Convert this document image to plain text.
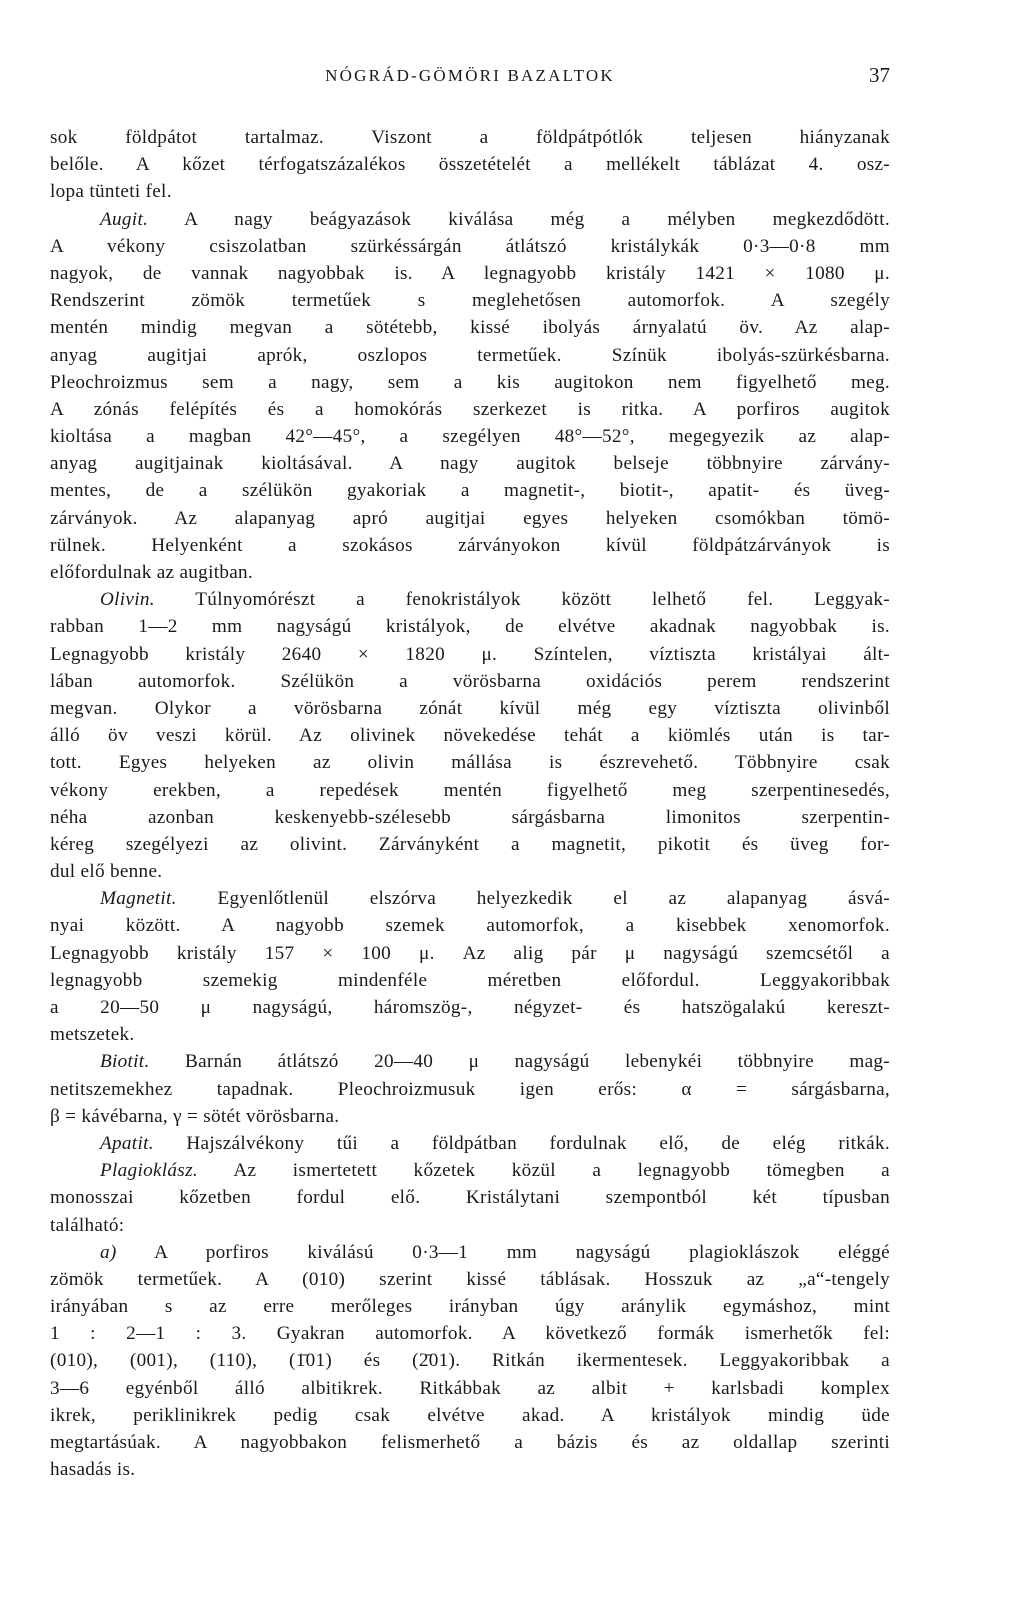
NÓGRÁD-GÖMÖRI BAZALTOK	37
sok földpátot tartalmaz. Viszont a földpátpótlók teljesen hiányzanak
belőle. A kőzet térfogatszázalékos összetételét a mellékelt táblázat 4. osz-
lopa tünteti fel.
Augit. A nagy beágyazások kiválása még a mélyben megkezdődött.
A vékony csiszolatban szürkéssárgán átlátszó kristálykák 0·3—0·8 mm
nagyok, de vannak nagyobbak is. A legnagyobb kristály 1421 × 1080 μ.
Rendszerint zömök termetűek s meglehetősen automorfok. A szegély
mentén mindig megvan a sötétebb, kissé ibolyás árnyalatú öv. Az alap-
anyag augitjai aprók, oszlopos termetűek. Színük ibolyás-szürkésbarna.
Pleochroizmus sem a nagy, sem a kis augitokon nem figyelhető meg.
A zónás felépítés és a homokórás szerkezet is ritka. A porfiros augitok
kioltása a magban 42°—45°, a szegélyen 48°—52°, megegyezik az alap-
anyag augitjainak kioltásával. A nagy augitok belseje többnyire zárvány-
mentes, de a szélükön gyakoriak a magnetit-, biotit-, apatit- és üveg-
zárványok. Az alapanyag apró augitjai egyes helyeken csomókban tömö-
rülnek. Helyenként a szokásos zárványokon kívül földpátzárványok is
előfordulnak az augitban.
Olivin. Túlnyomórészt a fenokristályok között lelhető fel. Leggyak-
rabban 1—2 mm nagyságú kristályok, de elvétve akadnak nagyobbak is.
Legnagyobb kristály 2640 × 1820 μ. Színtelen, víztiszta kristályai ált-
lában automorfok. Szélükön a vörösbarna oxidációs perem rendszerint
megvan. Olykor a vörösbarna zónát kívül még egy víztiszta olivinből
álló öv veszi körül. Az olivinek növekedése tehát a kiömlés után is tar-
tott. Egyes helyeken az olivin mállása is észrevehető. Többnyire csak
vékony erekben, a repedések mentén figyelhető meg szerpentinesedés,
néha azonban keskenyebb-szélesebb sárgásbarna limonitos szerpentin-
kéreg szegélyezi az olivint. Zárványként a magnetit, pikotit és üveg for-
dul elő benne.
Magnetit. Egyenlőtlenül elszórva helyezkedik el az alapanyag ásvá-
nyai között. A nagyobb szemek automorfok, a kisebbek xenomorfok.
Legnagyobb kristály 157 × 100 μ. Az alig pár μ nagyságú szemcsétől a
legnagyobb szemekig mindenféle méretben előfordul. Leggyakoribbak
a 20—50 μ nagyságú, háromszög-, négyzet- és hatszögalakú kereszt-
metszetek.
Biotit. Barnán átlátszó 20—40 μ nagyságú lebenykéi többnyire mag-
netitszemekhez tapadnak. Pleochroizmusuk igen erős: α = sárgásbarna,
β = kávébarna, γ = sötét vörösbarna.
Apatit. Hajszálvékony tűi a földpátban fordulnak elő, de elég ritkák.
Plagioklász. Az ismertetett kőzetek közül a legnagyobb tömegben a
monosszai kőzetben fordul elő. Kristálytani szempontból két típusban
található:
a) A porfiros kiválású 0·3—1 mm nagyságú plagioklászok eléggé
zömök termetűek. A (010) szerint kissé táblásak. Hosszuk az „a“-tengely
irányában s az erre merőleges irányban úgy aránylik egymáshoz, mint
1 : 2—1 : 3. Gyakran automorfok. A következő formák ismerhetők fel:
(010), (001), (110), (1̄01) és (2̄01). Ritkán ikermentesek. Leggyakoribbak a
3—6 egyénből álló albitikrek. Ritkábbak az albit + karlsbadi komplex
ikrek, periklinikrek pedig csak elvétve akad. A kristályok mindig üde
megtartásúak. A nagyobbakon felismerhető a bázis és az oldallap szerinti
hasadás is.
